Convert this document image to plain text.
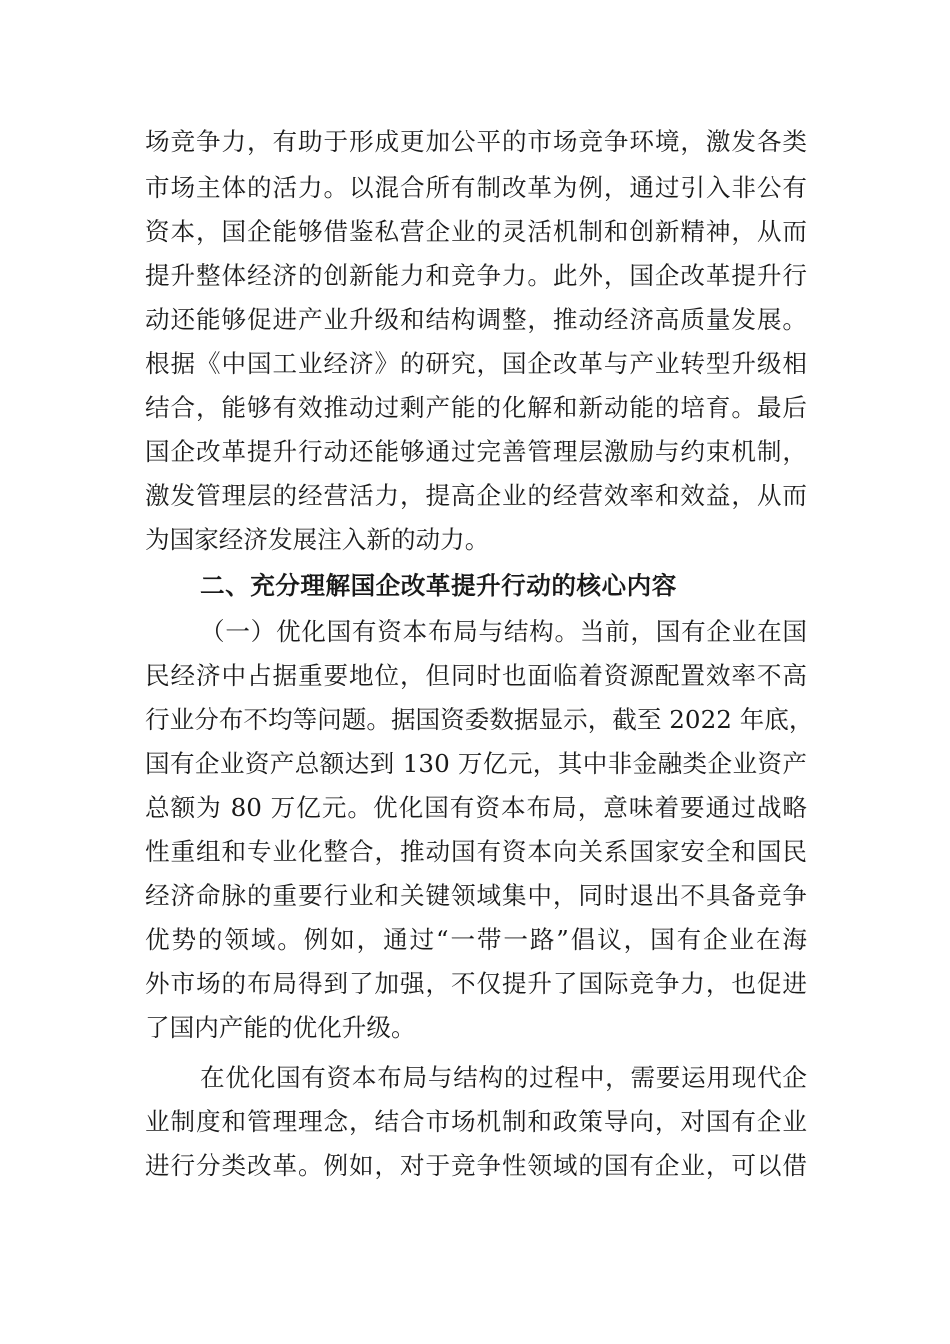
场竞争力，有助于形成更加公平的市场竞争环境，激发各类
市场主体的活力。以混合所有制改革为例，通过引入非公有
资本，国企能够借鉴私营企业的灵活机制和创新精神，从而
提升整体经济的创新能力和竞争力。此外，国企改革提升行
动还能够促进产业升级和结构调整，推动经济高质量发展。
根据《中国工业经济》的研究，国企改革与产业转型升级相
结合，能够有效推动过剩产能的化解和新动能的培育。最后
国企改革提升行动还能够通过完善管理层激励与约束机制，
激发管理层的经营活力，提高企业的经营效率和效益，从而
为国家经济发展注入新的动力。
二、充分理解国企改革提升行动的核心内容
（一）优化国有资本布局与结构。当前，国有企业在国
民经济中占据重要地位，但同时也面临着资源配置效率不高
行业分布不均等问题。据国资委数据显示，截至 2022 年底，
国有企业资产总额达到 130 万亿元，其中非金融类企业资产
总额为 80 万亿元。优化国有资本布局，意味着要通过战略
性重组和专业化整合，推动国有资本向关系国家安全和国民
经济命脉的重要行业和关键领域集中，同时退出不具备竞争
优势的领域。例如，通过“一带一路”倡议，国有企业在海
外市场的布局得到了加强，不仅提升了国际竞争力，也促进
了国内产能的优化升级。
在优化国有资本布局与结构的过程中，需要运用现代企
业制度和管理理念，结合市场机制和政策导向，对国有企业
进行分类改革。例如，对于竞争性领域的国有企业，可以借
